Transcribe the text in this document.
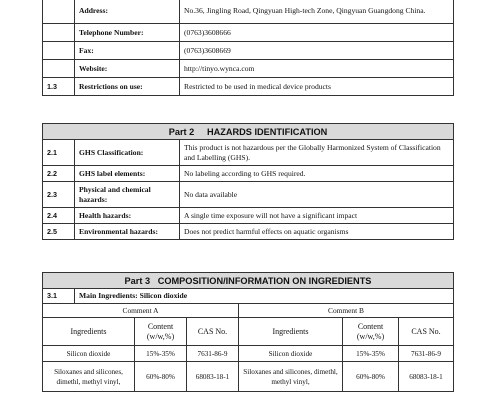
	Address:	No.36, Jingling Road, Qingyuan High-tech Zone, Qingyuan Guangdong China.
	Telephone Number:	(0763)3608666
	Fax:	(0763)3608669
	Website:	http://tinyo.wynca.com
1.3	Restrictions on use:	Restricted to be used in medical device products
Part 2     HAZARDS IDENTIFICATION		
2.1	GHS Classification:	This product is not hazardous per the Globally Harmonized System of Classification and Labelling (GHS).
2.2	GHS label elements:	No labeling according to GHS required.
2.3	Physical and chemical hazards:	No data available
2.4	Health hazards:	A single time exposure will not have a significant impact
2.5	Environmental hazards:	Does not predict harmful effects on aquatic organisms
Part 3   COMPOSITION/INFORMATION ON INGREDIENTS						
3.1	Main Ingredients: Silicon dioxide					
Comment A				Comment B		
Ingredients		Content (w/w,%)	CAS No.	Ingredients	Content (w/w,%)	CAS No.
Silicon dioxide		15%-35%	7631-86-9	Silicon dioxide	15%-35%	7631-86-9
Siloxanes and silicones, dimethl, methyl vinyl,		60%-80%	68083-18-1	Siloxanes and silicones, dimethl, methyl vinyl,	60%-80%	68083-18-1
